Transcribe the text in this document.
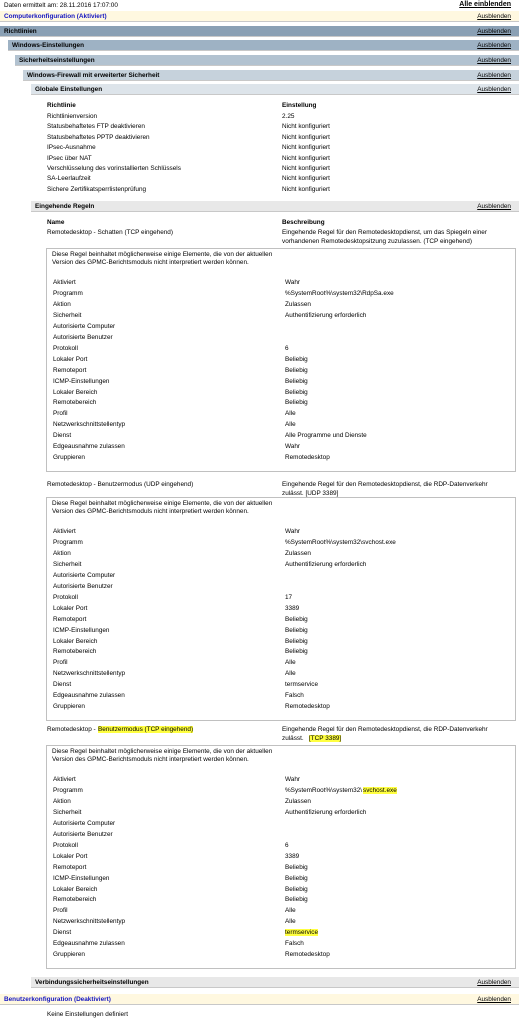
Daten ermittelt am: 28.11.2016 17:07:00	Alle einblenden
Computerkonfiguration (Aktiviert)	Ausblenden
Richtlinien	Ausblenden
Windows-Einstellungen	Ausblenden
Sicherheitseinstellungen	Ausblenden
Windows-Firewall mit erweiterter Sicherheit	Ausblenden
Globale Einstellungen	Ausblenden
Richtlinie	Einstellung
Richtlinienversion	2.25
Statusbehaftetes FTP deaktivieren	Nicht konfiguriert
Statusbehaftetes PPTP deaktivieren	Nicht konfiguriert
IPsec-Ausnahme	Nicht konfiguriert
IPsec über NAT	Nicht konfiguriert
Verschlüsselung des vorinstallierten Schlüssels	Nicht konfiguriert
SA-Leerlaufzeit	Nicht konfiguriert
Sichere Zertifikatsperrlistenprüfung	Nicht konfiguriert
Eingehende Regeln	Ausblenden
Name	Beschreibung
Remotedesktop - Schatten (TCP eingehend)	Eingehende Regel für den Remotedesktopdienst, um das Spiegeln einer
vorhandenen Remotedesktopsitzung zuzulassen. (TCP eingehend)
Diese Regel beinhaltet möglicherweise einige Elemente, die von der aktuellen Version des GPMC-Berichtsmoduls nicht interpretiert werden können.
Aktiviert	Wahr
Programm	%SystemRoot%\system32\RdpSa.exe
Aktion	Zulassen
Sicherheit	Authentifizierung erforderlich
Autorisierte Computer
Autorisierte Benutzer
Protokoll	6
Lokaler Port	Beliebig
Remoteport	Beliebig
ICMP-Einstellungen	Beliebig
Lokaler Bereich	Beliebig
Remotebereich	Beliebig
Profil	Alle
Netzwerkschnittstellentyp	Alle
Dienst	Alle Programme und Dienste
Edgeausnahme zulassen	Wahr
Gruppieren	Remotedesktop
Remotedesktop - Benutzermodus (UDP eingehend)	Eingehende Regel für den Remotedesktopdienst, die RDP-Datenverkehr
zulässt. [UDP 3389]
Diese Regel beinhaltet möglicherweise einige Elemente, die von der aktuellen Version des GPMC-Berichtsmoduls nicht interpretiert werden können.
Aktiviert	Wahr
Programm	%SystemRoot%\system32\svchost.exe
Aktion	Zulassen
Sicherheit	Authentifizierung erforderlich
Autorisierte Computer
Autorisierte Benutzer
Protokoll	17
Lokaler Port	3389
Remoteport	Beliebig
ICMP-Einstellungen	Beliebig
Lokaler Bereich	Beliebig
Remotebereich	Beliebig
Profil	Alle
Netzwerkschnittstellentyp	Alle
Dienst	termservice
Edgeausnahme zulassen	Falsch
Gruppieren	Remotedesktop
Remotedesktop - Benutzermodus (TCP eingehend)	Eingehende Regel für den Remotedesktopdienst, die RDP-Datenverkehr
zulässt. [TCP 3389]
Diese Regel beinhaltet möglicherweise einige Elemente, die von der aktuellen Version des GPMC-Berichtsmoduls nicht interpretiert werden können.
Aktiviert	Wahr
Programm	%SystemRoot%\system32\ svchost.exe
Aktion	Zulassen
Sicherheit	Authentifizierung erforderlich
Autorisierte Computer
Autorisierte Benutzer
Protokoll	6
Lokaler Port	3389
Remoteport	Beliebig
ICMP-Einstellungen	Beliebig
Lokaler Bereich	Beliebig
Remotebereich	Beliebig
Profil	Alle
Netzwerkschnittstellentyp	Alle
Dienst	termservice
Edgeausnahme zulassen	Falsch
Gruppieren	Remotedesktop
Verbindungssicherheitseinstellungen	Ausblenden
Benutzerkonfiguration (Deaktiviert)	Ausblenden
Keine Einstellungen definiert
